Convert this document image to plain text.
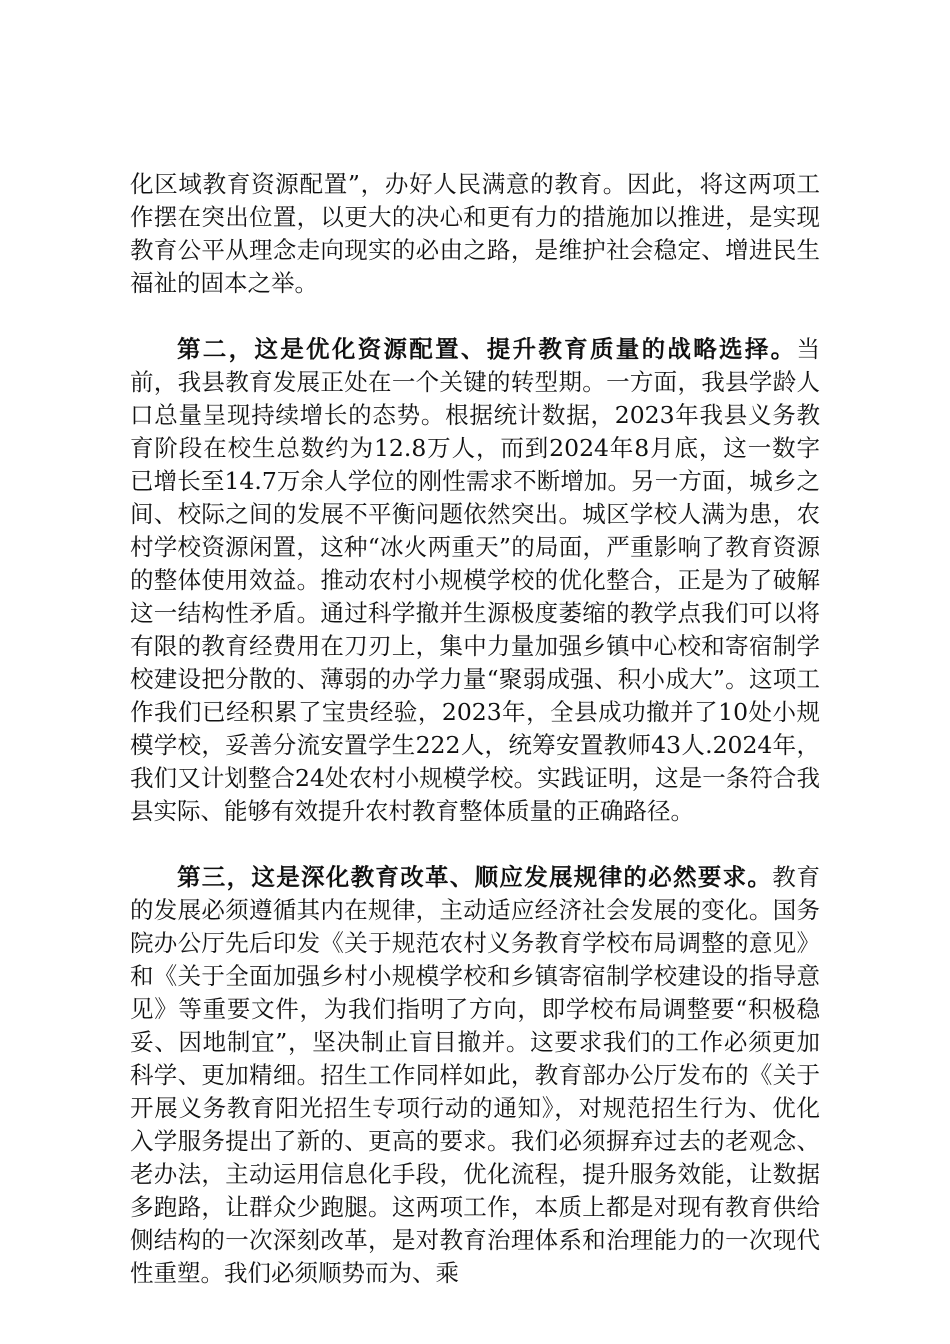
化区域教育资源配置”，办好人民满意的教育。因此，将这两项工作摆在突出位置，以更大的决心和更有力的措施加以推进，是实现教育公平从理念走向现实的必由之路，是维护社会稳定、增进民生福祉的固本之举。

第二，这是优化资源配置、提升教育质量的战略选择。当前，我县教育发展正处在一个关键的转型期。一方面，我县学龄人口总量呈现持续增长的态势。根据统计数据，2023年我县义务教育阶段在校生总数约为12.8万人，而到2024年8月底，这一数字已增长至14.7万余人学位的刚性需求不断增加。另一方面，城乡之间、校际之间的发展不平衡问题依然突出。城区学校人满为患，农村学校资源闲置，这种“冰火两重天”的局面，严重影响了教育资源的整体使用效益。推动农村小规模学校的优化整合，正是为了破解这一结构性矛盾。通过科学撤并生源极度萎缩的教学点我们可以将有限的教育经费用在刀刃上，集中力量加强乡镇中心校和寄宿制学校建设把分散的、薄弱的办学力量“聚弱成强、积小成大”。这项工作我们已经积累了宝贵经验，2023年，全县成功撤并了10处小规模学校，妥善分流安置学生222人，统筹安置教师43人.2024年，我们又计划整合24处农村小规模学校。实践证明，这是一条符合我县实际、能够有效提升农村教育整体质量的正确路径。

第三，这是深化教育改革、顺应发展规律的必然要求。教育的发展必须遵循其内在规律，主动适应经济社会发展的变化。国务院办公厅先后印发《关于规范农村义务教育学校布局调整的意见》和《关于全面加强乡村小规模学校和乡镇寄宿制学校建设的指导意见》等重要文件，为我们指明了方向，即学校布局调整要“积极稳妥、因地制宜”，坚决制止盲目撤并。这要求我们的工作必须更加科学、更加精细。招生工作同样如此，教育部办公厅发布的《关于开展义务教育阳光招生专项行动的通知》，对规范招生行为、优化入学服务提出了新的、更高的要求。我们必须摒弃过去的老观念、老办法，主动运用信息化手段，优化流程，提升服务效能，让数据多跑路，让群众少跑腿。这两项工作，本质上都是对现有教育供给侧结构的一次深刻改革，是对教育治理体系和治理能力的一次现代性重塑。我们必须顺势而为、乘
